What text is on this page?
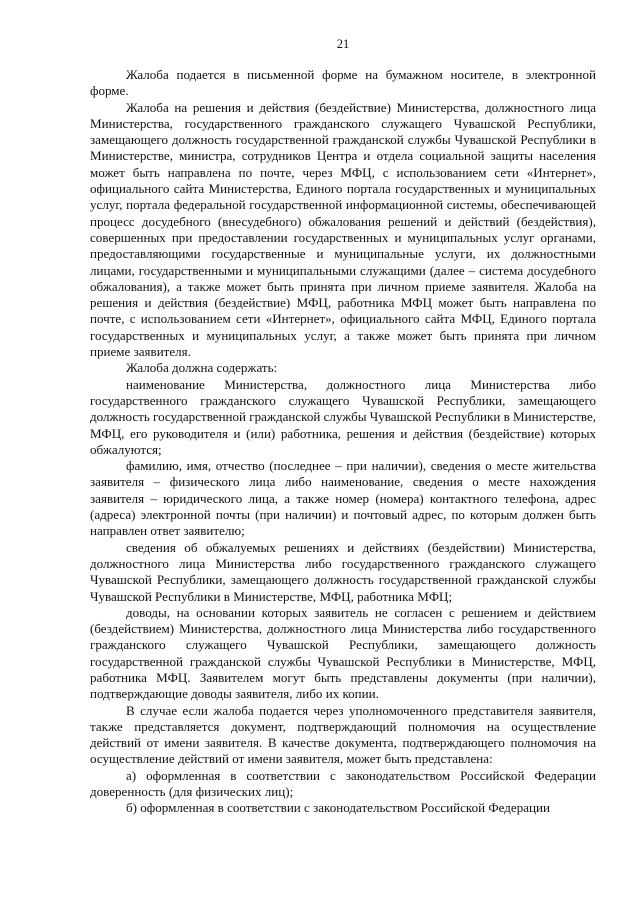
21

Жалоба подается в письменной форме на бумажном носителе, в электронной форме.

Жалоба на решения и действия (бездействие) Министерства, должностного лица Министерства, государственного гражданского служащего Чувашской Республики, замещающего должность государственной гражданской службы Чувашской Республики в Министерстве, министра, сотрудников Центра и отдела социальной защиты населения может быть направлена по почте, через МФЦ, с использованием сети «Интернет», официального сайта Министерства, Единого портала государственных и муниципальных услуг, портала федеральной государственной информационной системы, обеспечивающей процесс досудебного (внесудебного) обжалования решений и действий (бездействия), совершенных при предоставлении государственных и муниципальных услуг органами, предоставляющими государственные и муниципальные услуги, их должностными лицами, государственными и муниципальными служащими (далее – система досудебного обжалования), а также может быть принята при личном приеме заявителя. Жалоба на решения и действия (бездействие) МФЦ, работника МФЦ может быть направлена по почте, с использованием сети «Интернет», официального сайта МФЦ, Единого портала государственных и муниципальных услуг, а также может быть принята при личном приеме заявителя.

Жалоба должна содержать:

наименование Министерства, должностного лица Министерства либо государственного гражданского служащего Чувашской Республики, замещающего должность государственной гражданской службы Чувашской Республики в Министерстве, МФЦ, его руководителя и (или) работника, решения и действия (бездействие) которых обжалуются;

фамилию, имя, отчество (последнее – при наличии), сведения о месте жительства заявителя – физического лица либо наименование, сведения о месте нахождения заявителя – юридического лица, а также номер (номера) контактного телефона, адрес (адреса) электронной почты (при наличии) и почтовый адрес, по которым должен быть направлен ответ заявителю;

сведения об обжалуемых решениях и действиях (бездействии) Министерства, должностного лица Министерства либо государственного гражданского служащего Чувашской Республики, замещающего должность государственной гражданской службы Чувашской Республики в Министерстве, МФЦ, работника МФЦ;

доводы, на основании которых заявитель не согласен с решением и действием (бездействием) Министерства, должностного лица Министерства либо государственного гражданского служащего Чувашской Республики, замещающего должность государственной гражданской службы Чувашской Республики в Министерстве, МФЦ, работника МФЦ. Заявителем могут быть представлены документы (при наличии), подтверждающие доводы заявителя, либо их копии.

В случае если жалоба подается через уполномоченного представителя заявителя, также представляется документ, подтверждающий полномочия на осуществление действий от имени заявителя. В качестве документа, подтверждающего полномочия на осуществление действий от имени заявителя, может быть представлена:

а) оформленная в соответствии с законодательством Российской Федерации доверенность (для физических лиц);

б) оформленная в соответствии с законодательством Российской Федерации
